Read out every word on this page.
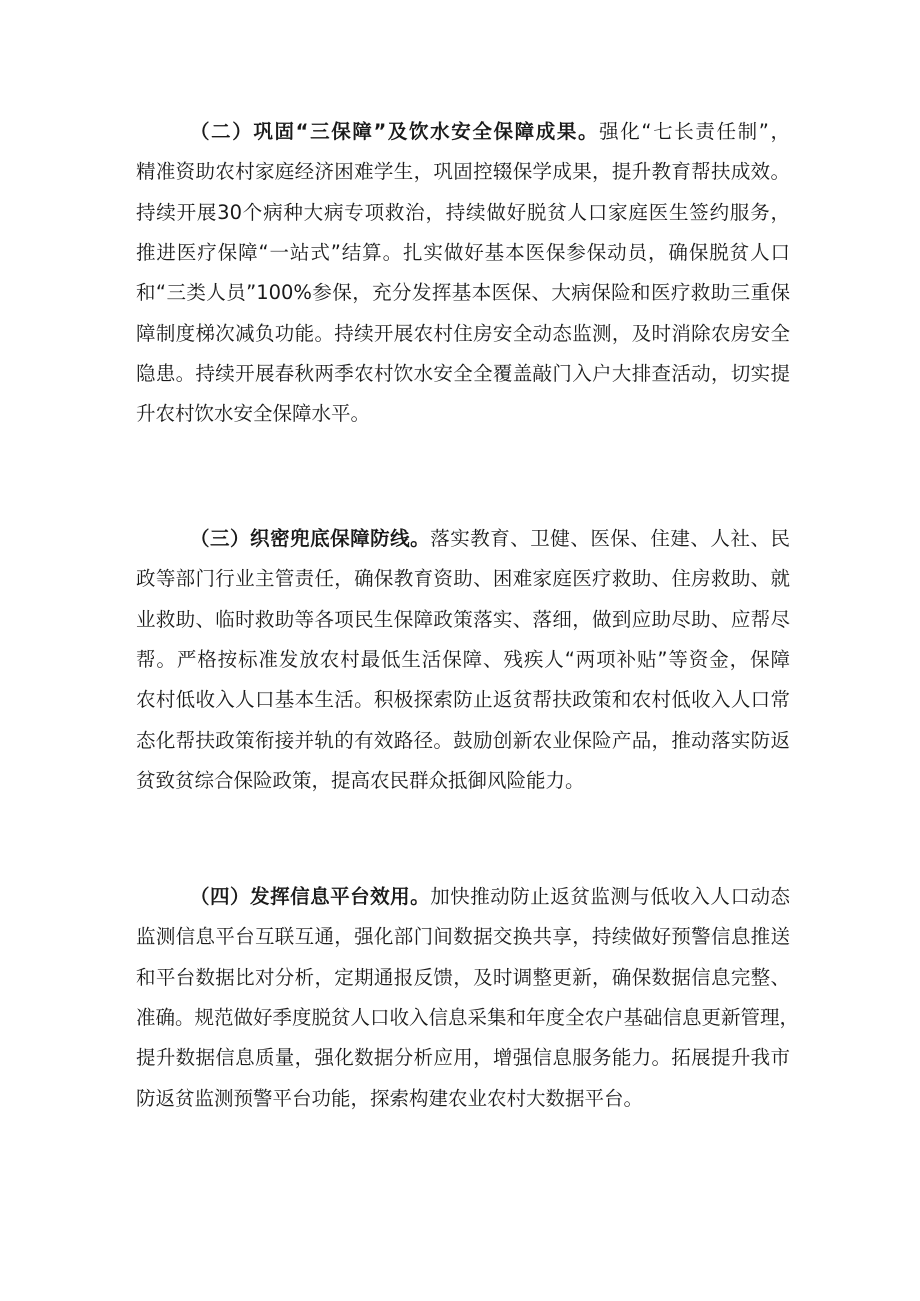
（二）巩固“三保障”及饮水安全保障成果。强化“七长责任制”，
精准资助农村家庭经济困难学生，巩固控辍保学成果，提升教育帮扶成效。
持续开展30个病种大病专项救治，持续做好脱贫人口家庭医生签约服务，
推进医疗保障“一站式”结算。扎实做好基本医保参保动员，确保脱贫人口
和“三类人员”100%参保，充分发挥基本医保、大病保险和医疗救助三重保
障制度梯次减负功能。持续开展农村住房安全动态监测，及时消除农房安全
隐患。持续开展春秋两季农村饮水安全全覆盖敲门入户大排查活动，切实提
升农村饮水安全保障水平。
（三）织密兜底保障防线。落实教育、卫健、医保、住建、人社、民
政等部门行业主管责任，确保教育资助、困难家庭医疗救助、住房救助、就
业救助、临时救助等各项民生保障政策落实、落细，做到应助尽助、应帮尽
帮。严格按标准发放农村最低生活保障、残疾人“两项补贴”等资金，保障
农村低收入人口基本生活。积极探索防止返贫帮扶政策和农村低收入人口常
态化帮扶政策衔接并轨的有效路径。鼓励创新农业保险产品，推动落实防返
贫致贫综合保险政策，提高农民群众抵御风险能力。
（四）发挥信息平台效用。加快推动防止返贫监测与低收入人口动态
监测信息平台互联互通，强化部门间数据交换共享，持续做好预警信息推送
和平台数据比对分析，定期通报反馈，及时调整更新，确保数据信息完整、
准确。规范做好季度脱贫人口收入信息采集和年度全农户基础信息更新管理，
提升数据信息质量，强化数据分析应用，增强信息服务能力。拓展提升我市
防返贫监测预警平台功能，探索构建农业农村大数据平台。
